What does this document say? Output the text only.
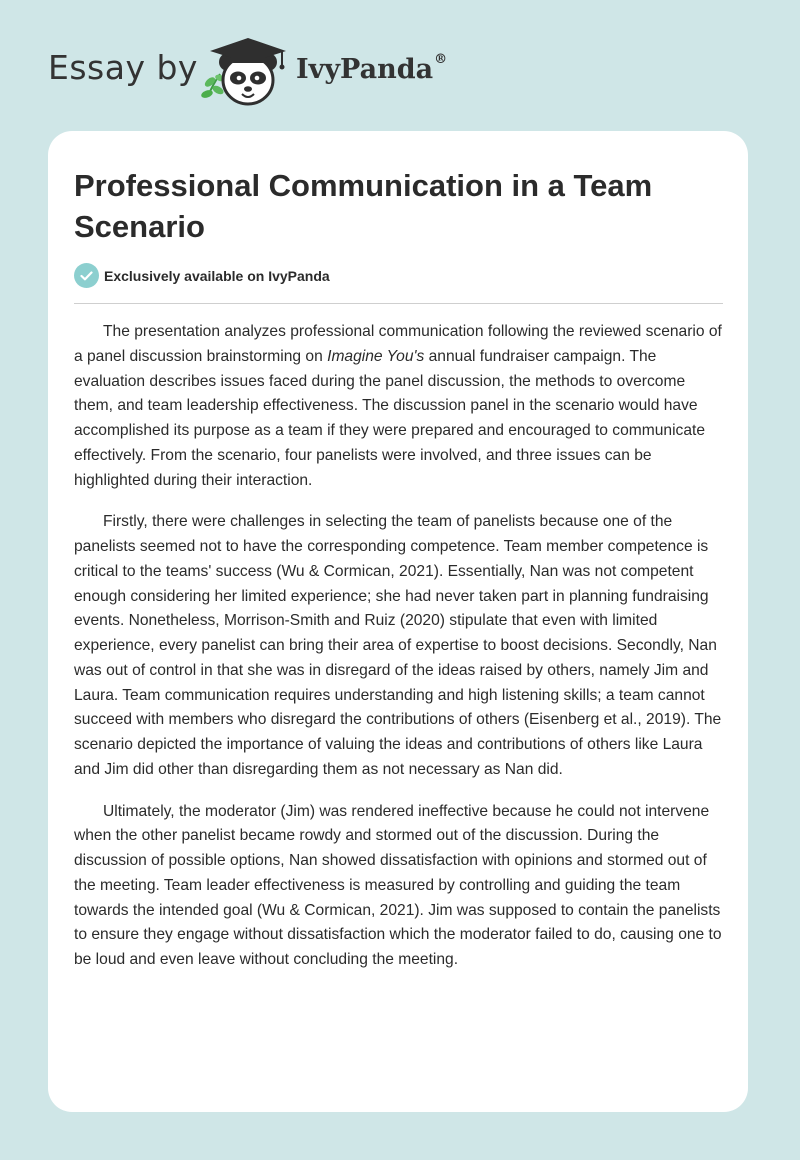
Essay by	IvyPanda®
Professional Communication in a Team Scenario
Exclusively available on IvyPanda

The presentation analyzes professional communication following the reviewed scenario of a panel discussion brainstorming on Imagine You's annual fundraiser campaign. The evaluation describes issues faced during the panel discussion, the methods to overcome them, and team leadership effectiveness. The discussion panel in the scenario would have accomplished its purpose as a team if they were prepared and encouraged to communicate effectively. From the scenario, four panelists were involved, and three issues can be highlighted during their interaction.

Firstly, there were challenges in selecting the team of panelists because one of the panelists seemed not to have the corresponding competence. Team member competence is critical to the teams' success (Wu & Cormican, 2021). Essentially, Nan was not competent enough considering her limited experience; she had never taken part in planning fundraising events. Nonetheless, Morrison-Smith and Ruiz (2020) stipulate that even with limited experience, every panelist can bring their area of expertise to boost decisions. Secondly, Nan was out of control in that she was in disregard of the ideas raised by others, namely Jim and Laura. Team communication requires understanding and high listening skills; a team cannot succeed with members who disregard the contributions of others (Eisenberg et al., 2019). The scenario depicted the importance of valuing the ideas and contributions of others like Laura and Jim did other than disregarding them as not necessary as Nan did.

Ultimately, the moderator (Jim) was rendered ineffective because he could not intervene when the other panelist became rowdy and stormed out of the discussion. During the discussion of possible options, Nan showed dissatisfaction with opinions and stormed out of the meeting. Team leader effectiveness is measured by controlling and guiding the team towards the intended goal (Wu & Cormican, 2021). Jim was supposed to contain the panelists to ensure they engage without dissatisfaction which the moderator failed to do, causing one to be loud and even leave without concluding the meeting.
